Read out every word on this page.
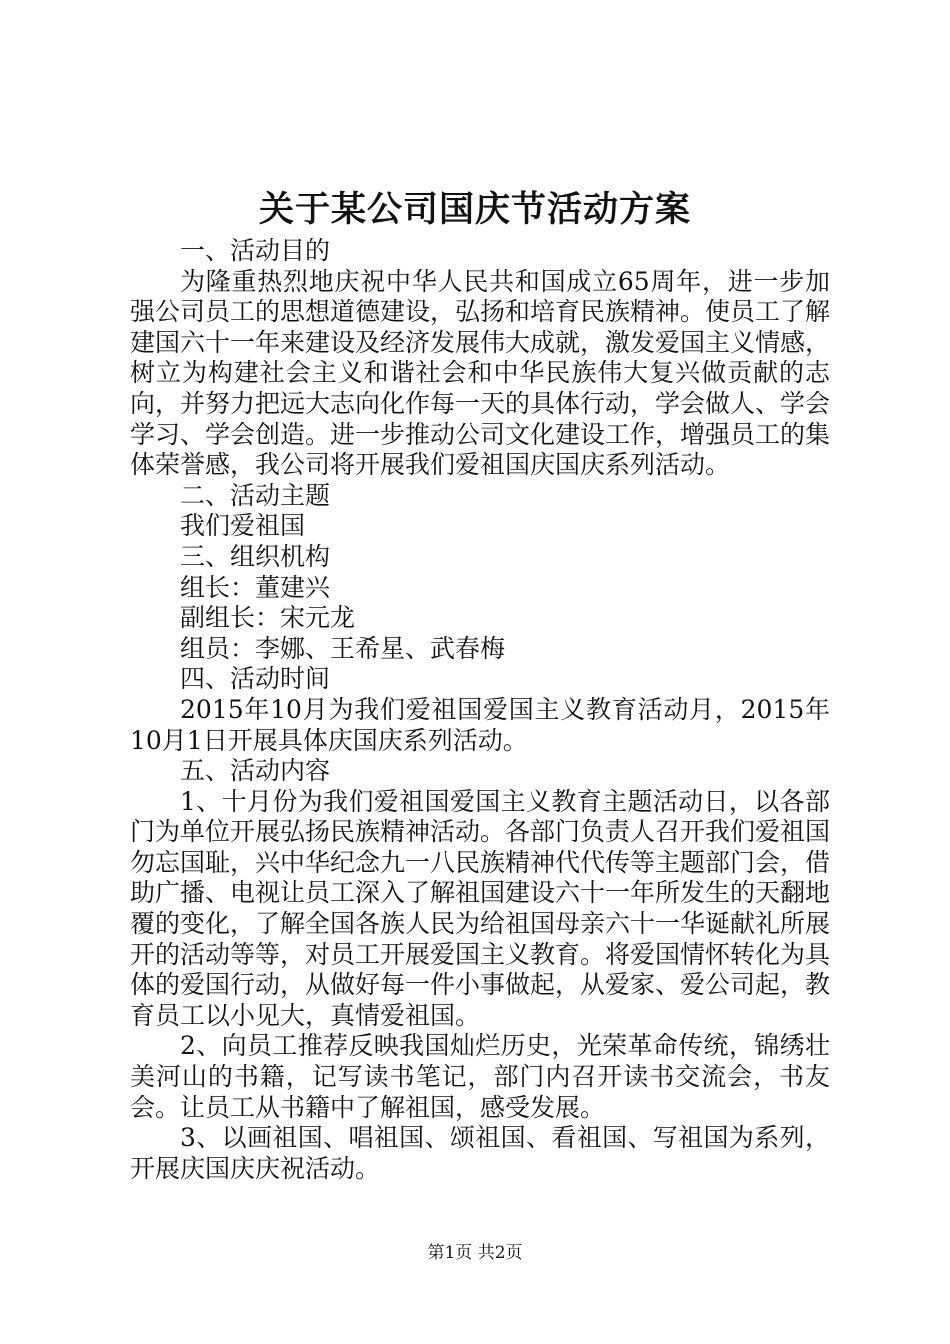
关于某公司国庆节活动方案

一、活动目的

为隆重热烈地庆祝中华人民共和国成立65周年，进一步加强公司员工的思想道德建设，弘扬和培育民族精神。使员工了解建国六十一年来建设及经济发展伟大成就，激发爱国主义情感，树立为构建社会主义和谐社会和中华民族伟大复兴做贡献的志向，并努力把远大志向化作每一天的具体行动，学会做人、学会学习、学会创造。进一步推动公司文化建设工作，增强员工的集体荣誉感，我公司将开展我们爱祖国庆国庆系列活动。

二、活动主题

我们爱祖国

三、组织机构

组长：董建兴

副组长：宋元龙

组员：李娜、王希星、武春梅

四、活动时间

2015年10月为我们爱祖国爱国主义教育活动月，2015年10月1日开展具体庆国庆系列活动。

五、活动内容

1、十月份为我们爱祖国爱国主义教育主题活动日，以各部门为单位开展弘扬民族精神活动。各部门负责人召开我们爱祖国勿忘国耻，兴中华纪念九一八民族精神代代传等主题部门会，借助广播、电视让员工深入了解祖国建设六十一年所发生的天翻地覆的变化，了解全国各族人民为给祖国母亲六十一华诞献礼所展开的活动等等，对员工开展爱国主义教育。将爱国情怀转化为具体的爱国行动，从做好每一件小事做起，从爱家、爱公司起，教育员工以小见大，真情爱祖国。

2、向员工推荐反映我国灿烂历史，光荣革命传统，锦绣壮美河山的书籍，记写读书笔记，部门内召开读书交流会，书友会。让员工从书籍中了解祖国，感受发展。

3、以画祖国、唱祖国、颂祖国、看祖国、写祖国为系列，开展庆国庆庆祝活动。

第1页 共2页
